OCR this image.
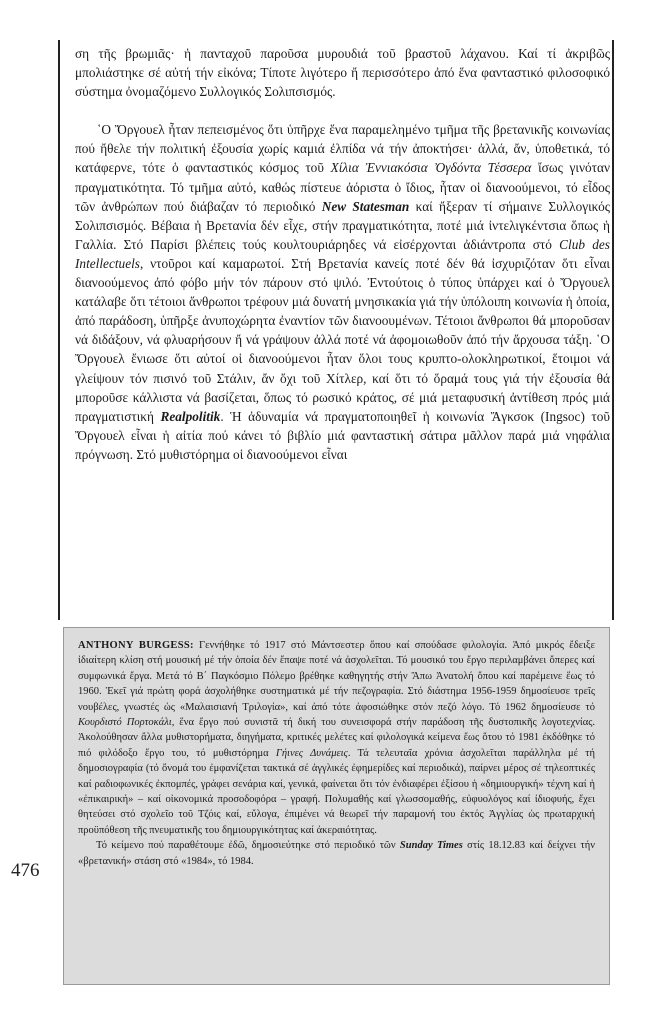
ση τῆς βρωμιᾶς· ἡ πανταχοῦ παροῦσα μυρουδιά τοῦ βραστοῦ λάχανου. Καί τί ἀκριβῶς μπολιάστηκε σέ αὐτή τήν εἰκόνα; Τίποτε λιγότερο ἤ περισσότερο ἀπό ἕνα φανταστικό φιλοσοφικό σύστημα ὀνομαζόμενο Συλλογικός Σολιπσισμός.

῾Ο Ὄργουελ ἦταν πεπεισμένος ὅτι ὑπῆρχε ἕνα παραμελημένο τμῆμα τῆς βρετανικῆς κοινωνίας πού ἤθελε τήν πολιτική ἐξουσία χωρίς καμιά ἐλπίδα νά τήν ἀποκτήσει· ἀλλά, ἄν, ὑποθετικά, τό κατάφερνε, τότε ὁ φανταστικός κόσμος τοῦ Χίλια Ἐννιακόσια Ὀγδόντα Τέσσερα ἴσως γινόταν πραγματικότητα. Τό τμῆμα αὐτό, καθώς πίστευε ἀόριστα ὁ ἴδιος, ἦταν οἱ διανοούμενοι, τό εἶδος τῶν ἀνθρώπων πού διάβαζαν τό περιοδικό New Statesman καί ἤξεραν τί σήμαινε Συλλογικός Σολιπσισμός. Βέβαια ἡ Βρετανία δέν εἶχε, στήν πραγματικότητα, ποτέ μιά ἰντελιγκέντσια ὅπως ἡ Γαλλία. Στό Παρίσι βλέπεις τούς κουλτουριάρηδες νά εἰσέρχονται ἀδιάντροπα στό Club des Intellectuels, ντοῦροι καί καμαρωτοί. Στή Βρετανία κανείς ποτέ δέν θά ἰσχυριζόταν ὅτι εἶναι διανοούμενος ἀπό φόβο μήν τόν πάρουν στό ψιλό. Ἐντούτοις ὁ τύπος ὑπάρχει καί ὁ Ὄργουελ κατάλαβε ὅτι τέτοιοι ἄνθρωποι τρέφουν μιά δυνατή μνησικακία γιά τήν ὑπόλοιπη κοινωνία ἡ ὁποία, ἀπό παράδοση, ὑπῆρξε ἀνυποχώρητα ἐναντίον τῶν διανοουμένων. Τέτοιοι ἄνθρωποι θά μποροῦσαν νά διδάξουν, νά φλυαρήσουν ἤ νά γράψουν ἀλλά ποτέ νά ἀφομοιωθοῦν ἀπό τήν ἄρχουσα τάξη. ῾Ο Ὄργουελ ἔνιωσε ὅτι αὐτοί οἱ διανοούμενοι ἦταν ὅλοι τους κρυπτο-ολοκληρωτικοί, ἕτοιμοι νά γλείψουν τόν πισινό τοῦ Στάλιν, ἄν ὄχι τοῦ Χίτλερ, καί ὅτι τό ὅραμά τους γιά τήν ἐξουσία θά μποροῦσε κάλλιστα νά βασίζεται, ὅπως τό ρωσικό κράτος, σέ μιά μεταφυσική ἀντίθεση πρός μιά πραγματιστική Realpolitik. Ἡ ἀδυναμία νά πραγματοποιηθεῖ ἡ κοινωνία Ἄγκσοκ (Ingsoc) τοῦ Ὄργουελ εἶναι ἡ αἰτία πού κάνει τό βιβλίο μιά φανταστική σάτιρα μᾶλλον παρά μιά νηφάλια πρόγνωση. Στό μυθιστόρημα οἱ διανοούμενοι εἶναι

ANTHONY BURGESS: Γεννήθηκε τό 1917 στό Μάντσεστερ ὅπου καί σπούδασε φιλολογία. Ἀπό μικρός ἔδειξε ἰδιαίτερη κλίση στή μουσική μέ τήν ὁποία δέν ἔπαψε ποτέ νά ἀσχολεῖται. Τό μουσικό του ἔργο περιλαμβάνει ὄπερες καί συμφωνικά ἔργα. Μετά τό Β΄ Παγκόσμιο Πόλεμο βρέθηκε καθηγητής στήν Ἄπω Ἀνατολή ὅπου καί παρέμεινε ἕως τό 1960. Ἐκεῖ γιά πρώτη φορά ἀσχολήθηκε συστηματικά μέ τήν πεζογραφία. Στό διάστημα 1956-1959 δημοσίευσε τρεῖς νουβέλες, γνωστές ὡς «Μαλαισιανή Τριλογία», καί ἀπό τότε ἀφοσιώθηκε στόν πεζό λόγο. Τό 1962 δημοσίευσε τό Κουρδιστό Πορτοκάλι, ἕνα ἔργο πού συνιστᾶ τή δική του συνεισφορά στήν παράδοση τῆς δυστοπικῆς λογοτεχνίας. Ἀκολούθησαν ἄλλα μυθιστορήματα, διηγήματα, κριτικές μελέτες καί φιλολογικά κείμενα ἕως ὅτου τό 1981 ἐκδόθηκε τό πιό φιλόδοξο ἔργο του, τό μυθιστόρημα Γήινες Δυνάμεις. Τά τελευταῖα χρόνια ἀσχολεῖται παράλληλα μέ τή δημοσιογραφία (τό ὄνομά του ἐμφανίζεται τακτικά σέ ἀγγλικές ἐφημερίδες καί περιοδικά), παίρνει μέρος σέ τηλεοπτικές καί ραδιοφωνικές ἐκπομπές, γράφει σενάρια καί, γενικά, φαίνεται ὅτι τόν ἐνδιαφέρει ἐξίσου ἡ «δημιουργική» τέχνη καί ἡ «ἐπικαιρική» – καί οἰκονομικά προσοδοφόρα – γραφή. Πολυμαθής καί γλωσσομαθής, εὐφυολόγος καί ἰδιοφυής, ἔχει θητεύσει στό σχολεῖο τοῦ Τζόις καί, εὔλογα, ἐπιμένει νά θεωρεῖ τήν παραμονή του ἐκτός Ἀγγλίας ὡς πρωταρχική προϋπόθεση τῆς πνευματικῆς του δημιουργικότητας καί ἀκεραιότητας.

Τό κείμενο πού παραθέτουμε ἐδῶ, δημοσιεύτηκε στό περιοδικό τῶν Sunday Times στίς 18.12.83 καί δείχνει τήν «βρετανική» στάση στό «1984», τό 1984.

476
